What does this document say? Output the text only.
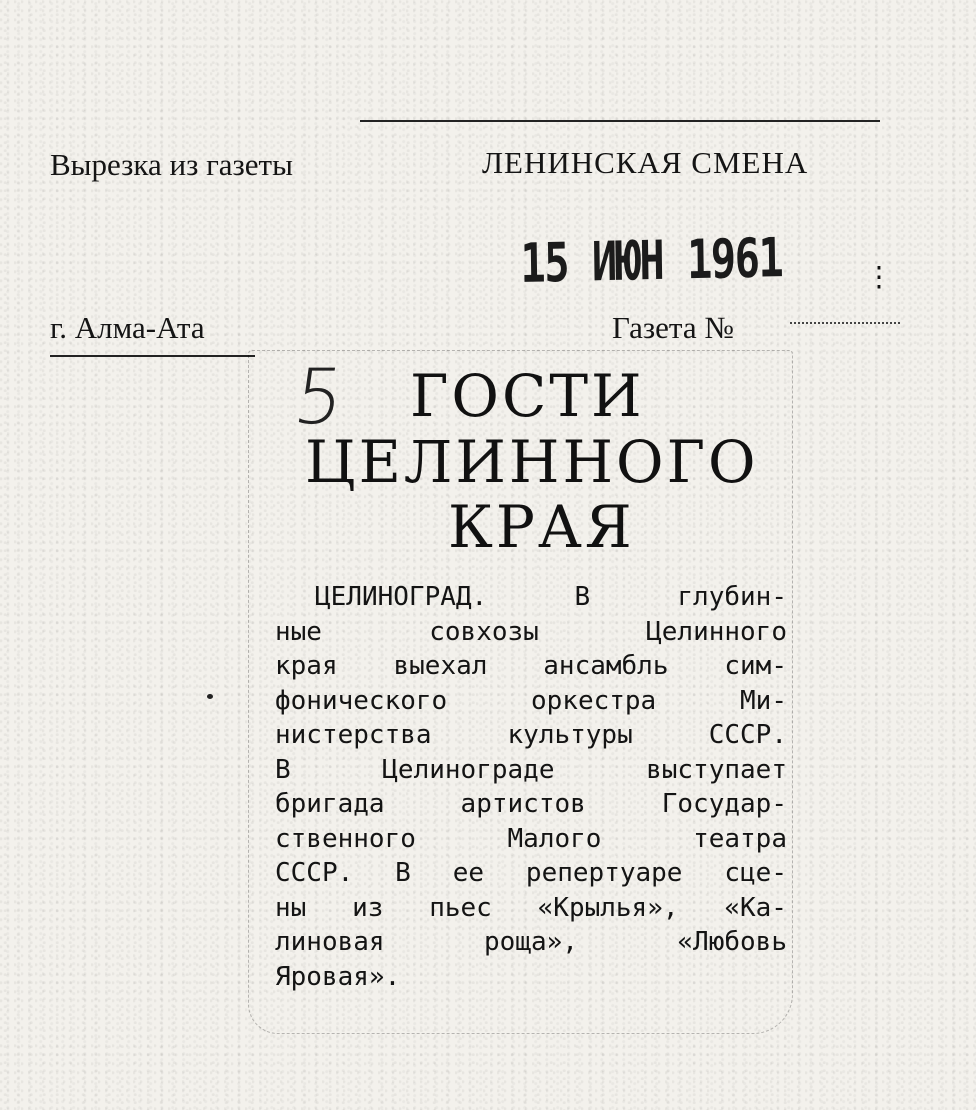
Вырезка из газеты	ЛЕНИНСКАЯ СМЕНА
15 ИЮН 1961	⋮
г. Алма-Ата	Газета №
5 ГОСТИ
ЦЕЛИННОГО
КРАЯ
ЦЕЛИНОГРАД.	В	глубин-
ные	совхозы	Целинного
края выехал ансамбль сим-
фонического	оркестра	Ми-
нистерства	культуры	СССР.
В	Целинограде	выступает
бригада	артистов	Государ-
ственного	Малого	театра
СССР. В ее репертуаре сце-
ны из пьес «Крылья», «Ка-
линовая	роща»,	«Любовь
Яровая».
